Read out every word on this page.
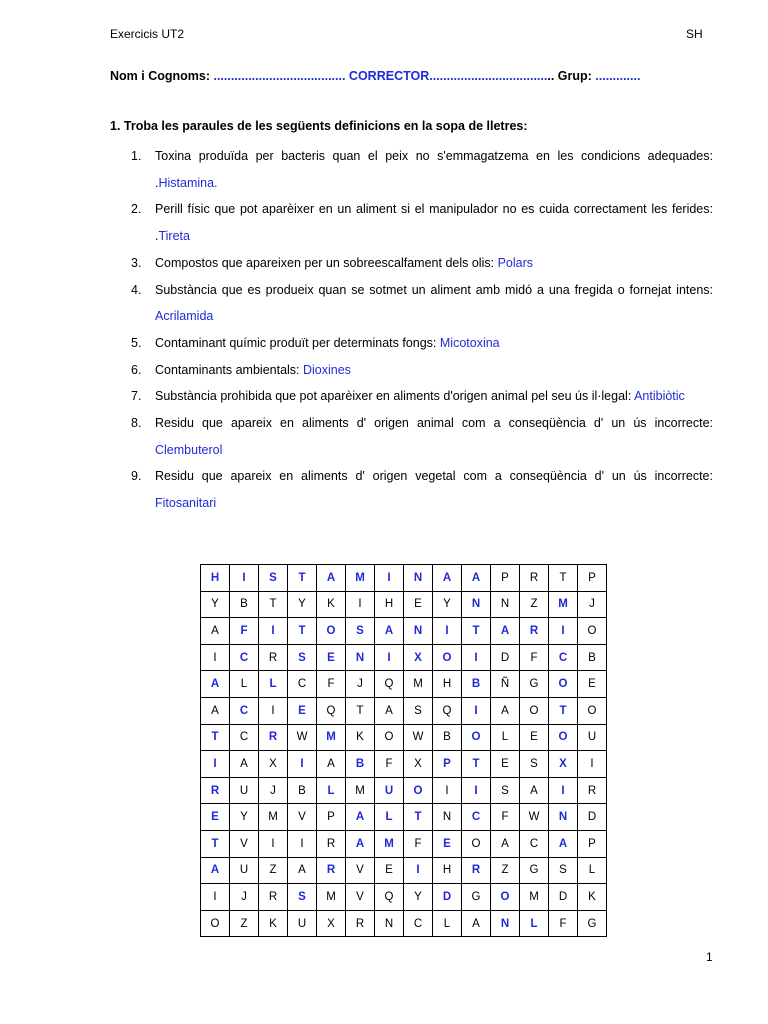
Exercicis UT2	SH
Nom i Cognoms: ...................................... CORRECTOR.................................... Grup: .............
1. Troba les paraules de les següents definicions en la sopa de lletres:
1. Toxina produïda per bacteris quan el peix no s'emmagatzema en les condicions adequades: .Histamina.
2. Perill físic que pot aparèixer en un aliment si el manipulador no es cuida correctament les ferides: .Tireta
3. Compostos que apareixen per un sobreescalfament dels olis: Polars
4. Substància que es produeix quan se sotmet un aliment amb midó a una fregida o fornejat intens: Acrilamida
5. Contaminant químic produït per determinats fongs: Micotoxina
6. Contaminants ambientals: Dioxines
7. Substància prohibida que pot aparèixer en aliments d'origen animal pel seu ús il·legal: Antibiòtic
8. Residu que apareix en aliments d' origen animal com a conseqüència d' un ús incorrecte: Clembuterol
9. Residu que apareix en aliments d' origen vegetal com a conseqüència d' un ús incorrecte: Fitosanitari
H	I	S	T	A	M	I	N	A	A	P	R	T	P
Y	B	T	Y	K	I	H	E	Y	N	N	Z	M	J
A	F	I	T	O	S	A	N	I	T	A	R	I	O
I	C	R	S	E	N	I	X	O	I	D	F	C	B
A	L	L	C	F	J	Q	M	H	B	Ñ	G	O	E
A	C	I	E	Q	T	A	S	Q	I	A	O	T	O
T	C	R	W	M	K	O	W	B	O	L	E	O	U
I	A	X	I	A	B	F	X	P	T	E	S	X	I
R	U	J	B	L	M	U	O	I	I	S	A	I	R
E	Y	M	V	P	A	L	T	N	C	F	W	N	D
T	V	I	I	R	A	M	F	E	O	A	C	A	P
A	U	Z	A	R	V	E	I	H	R	Z	G	S	L
I	J	R	S	M	V	Q	Y	D	G	O	M	D	K
O	Z	K	U	X	R	N	C	L	A	N	L	F	G
1
